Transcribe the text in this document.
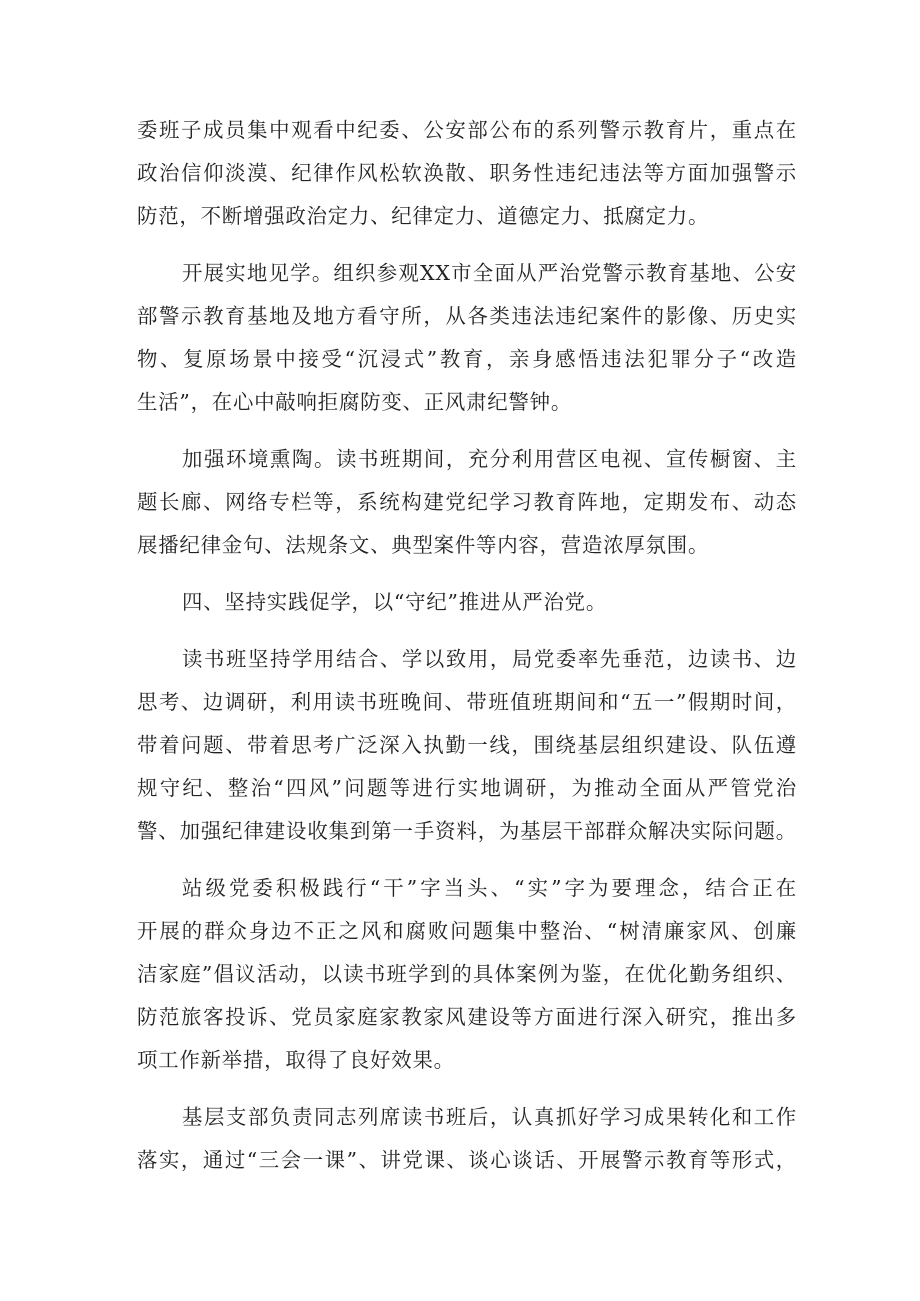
委班子成员集中观看中纪委、公安部公布的系列警示教育片，重点在

政治信仰淡漠、纪律作风松软涣散、职务性违纪违法等方面加强警示

防范，不断增强政治定力、纪律定力、道德定力、抵腐定力。

开展实地见学。组织参观XX市全面从严治党警示教育基地、公安

部警示教育基地及地方看守所，从各类违法违纪案件的影像、历史实

物、复原场景中接受“沉浸式”教育，亲身感悟违法犯罪分子“改造

生活”，在心中敲响拒腐防变、正风肃纪警钟。

加强环境熏陶。读书班期间，充分利用营区电视、宣传橱窗、主

题长廊、网络专栏等，系统构建党纪学习教育阵地，定期发布、动态

展播纪律金句、法规条文、典型案件等内容，营造浓厚氛围。

四、坚持实践促学，以“守纪”推进从严治党。

读书班坚持学用结合、学以致用，局党委率先垂范，边读书、边

思考、边调研，利用读书班晚间、带班值班期间和“五一”假期时间，

带着问题、带着思考广泛深入执勤一线，围绕基层组织建设、队伍遵

规守纪、整治“四风”问题等进行实地调研，为推动全面从严管党治

警、加强纪律建设收集到第一手资料，为基层干部群众解决实际问题。

站级党委积极践行“干”字当头、“实”字为要理念，结合正在

开展的群众身边不正之风和腐败问题集中整治、“树清廉家风、创廉

洁家庭”倡议活动，以读书班学到的具体案例为鉴，在优化勤务组织、

防范旅客投诉、党员家庭家教家风建设等方面进行深入研究，推出多

项工作新举措，取得了良好效果。

基层支部负责同志列席读书班后，认真抓好学习成果转化和工作

落实，通过“三会一课”、讲党课、谈心谈话、开展警示教育等形式，
